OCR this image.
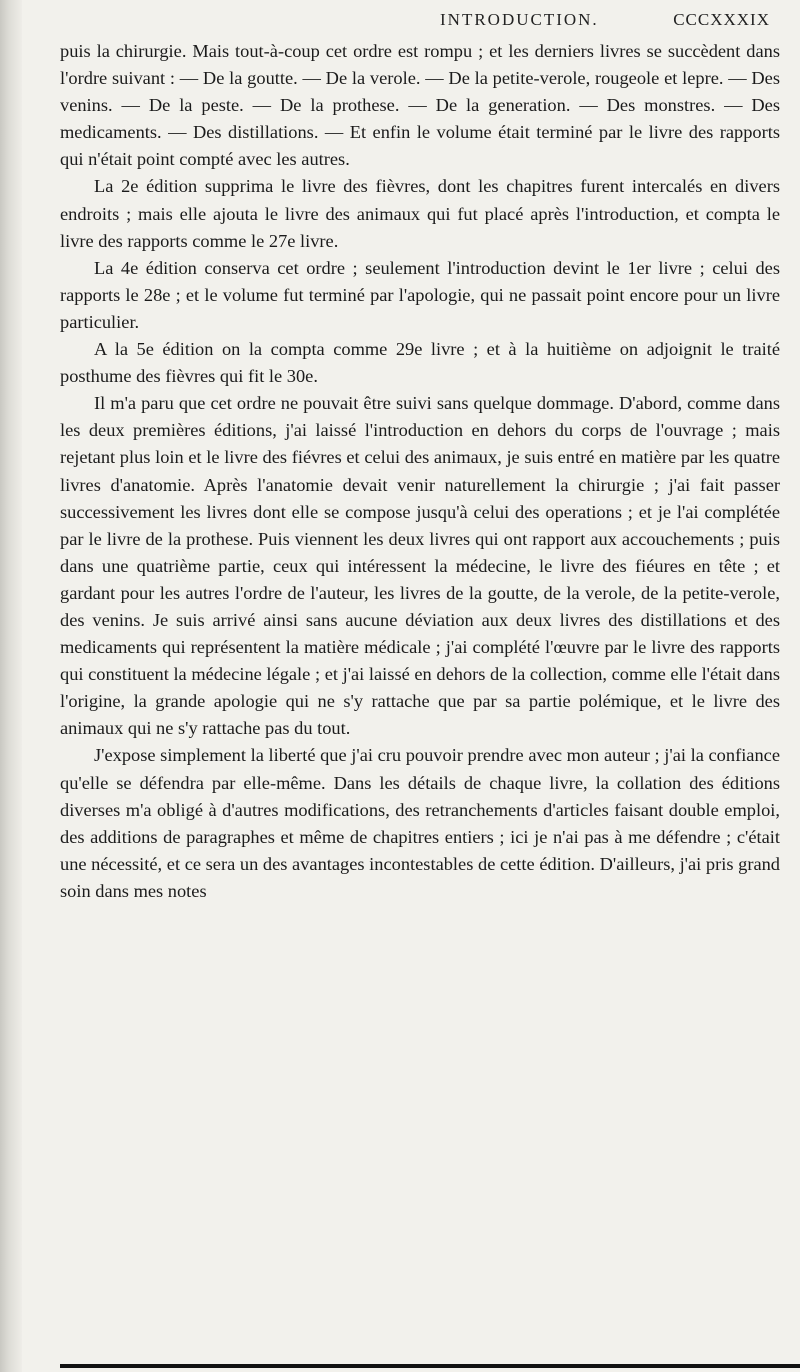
INTRODUCTION.	CCCXXXIX

puis la chirurgie. Mais tout-à-coup cet ordre est rompu ; et les derniers livres se succèdent dans l'ordre suivant : — De la goutte. — De la verole. — De la petite-verole, rougeole et lepre. — Des venins. — De la peste. — De la prothese. — De la generation. — Des monstres. — Des medicaments. — Des distillations. — Et enfin le volume était terminé par le livre des rapports qui n'était point compté avec les autres.

La 2e édition supprima le livre des fièvres, dont les chapitres furent intercalés en divers endroits ; mais elle ajouta le livre des animaux qui fut placé après l'introduction, et compta le livre des rapports comme le 27e livre.

La 4e édition conserva cet ordre ; seulement l'introduction devint le 1er livre ; celui des rapports le 28e ; et le volume fut terminé par l'apologie, qui ne passait point encore pour un livre particulier.

A la 5e édition on la compta comme 29e livre ; et à la huitième on adjoignit le traité posthume des fièvres qui fit le 30e.

Il m'a paru que cet ordre ne pouvait être suivi sans quelque dommage. D'abord, comme dans les deux premières éditions, j'ai laissé l'introduction en dehors du corps de l'ouvrage ; mais rejetant plus loin et le livre des fiévres et celui des animaux, je suis entré en matière par les quatre livres d'anatomie. Après l'anatomie devait venir naturellement la chirurgie ; j'ai fait passer successivement les livres dont elle se compose jusqu'à celui des operations ; et je l'ai complétée par le livre de la prothese. Puis viennent les deux livres qui ont rapport aux accouchements ; puis dans une quatrième partie, ceux qui intéressent la médecine, le livre des fiéures en tête ; et gardant pour les autres l'ordre de l'auteur, les livres de la goutte, de la verole, de la petite-verole, des venins. Je suis arrivé ainsi sans aucune déviation aux deux livres des distillations et des medicaments qui représentent la matière médicale ; j'ai complété l'œuvre par le livre des rapports qui constituent la médecine légale ; et j'ai laissé en dehors de la collection, comme elle l'était dans l'origine, la grande apologie qui ne s'y rattache que par sa partie polémique, et le livre des animaux qui ne s'y rattache pas du tout.

J'expose simplement la liberté que j'ai cru pouvoir prendre avec mon auteur ; j'ai la confiance qu'elle se défendra par elle-même. Dans les détails de chaque livre, la collation des éditions diverses m'a obligé à d'autres modifications, des retranchements d'articles faisant double emploi, des additions de paragraphes et même de chapitres entiers ; ici je n'ai pas à me défendre ; c'était une nécessité, et ce sera un des avantages incontestables de cette édition. D'ailleurs, j'ai pris grand soin dans mes notes
